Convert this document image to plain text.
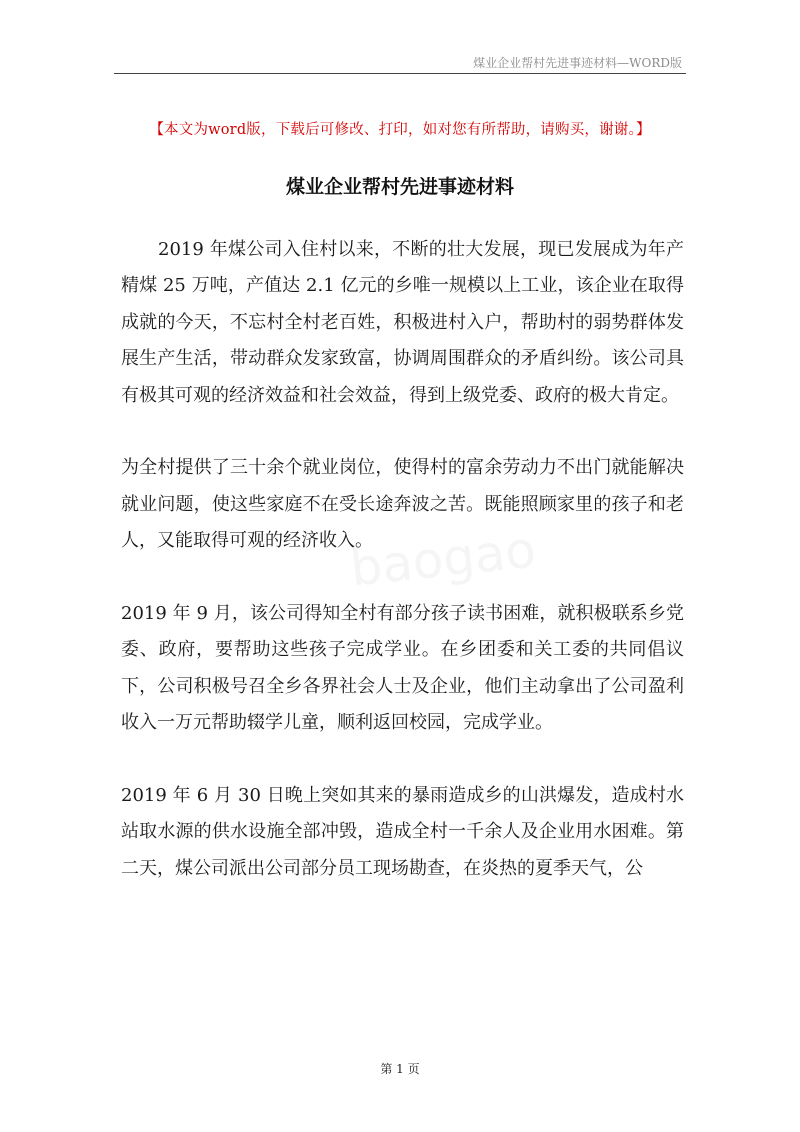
煤业企业帮村先进事迹材料—WORD版
【本文为word版，下载后可修改、打印，如对您有所帮助，请购买，谢谢。】
煤业企业帮村先进事迹材料

2019 年煤公司入住村以来，不断的壮大发展，现已发展成为年产精煤 25 万吨，产值达 2.1 亿元的乡唯一规模以上工业，该企业在取得成就的今天，不忘村全村老百姓，积极进村入户，帮助村的弱势群体发展生产生活，带动群众发家致富，协调周围群众的矛盾纠纷。该公司具有极其可观的经济效益和社会效益，得到上级党委、政府的极大肯定。

为全村提供了三十余个就业岗位，使得村的富余劳动力不出门就能解决就业问题，使这些家庭不在受长途奔波之苦。既能照顾家里的孩子和老人，又能取得可观的经济收入。

2019 年 9 月，该公司得知全村有部分孩子读书困难，就积极联系乡党委、政府，要帮助这些孩子完成学业。在乡团委和关工委的共同倡议下，公司积极号召全乡各界社会人士及企业，他们主动拿出了公司盈利收入一万元帮助辍学儿童，顺利返回校园，完成学业。

2019 年 6 月 30 日晚上突如其来的暴雨造成乡的山洪爆发，造成村水站取水源的供水设施全部冲毁，造成全村一千余人及企业用水困难。第二天，煤公司派出公司部分员工现场勘查，在炎热的夏季天气，公

baogao
第 1 页
